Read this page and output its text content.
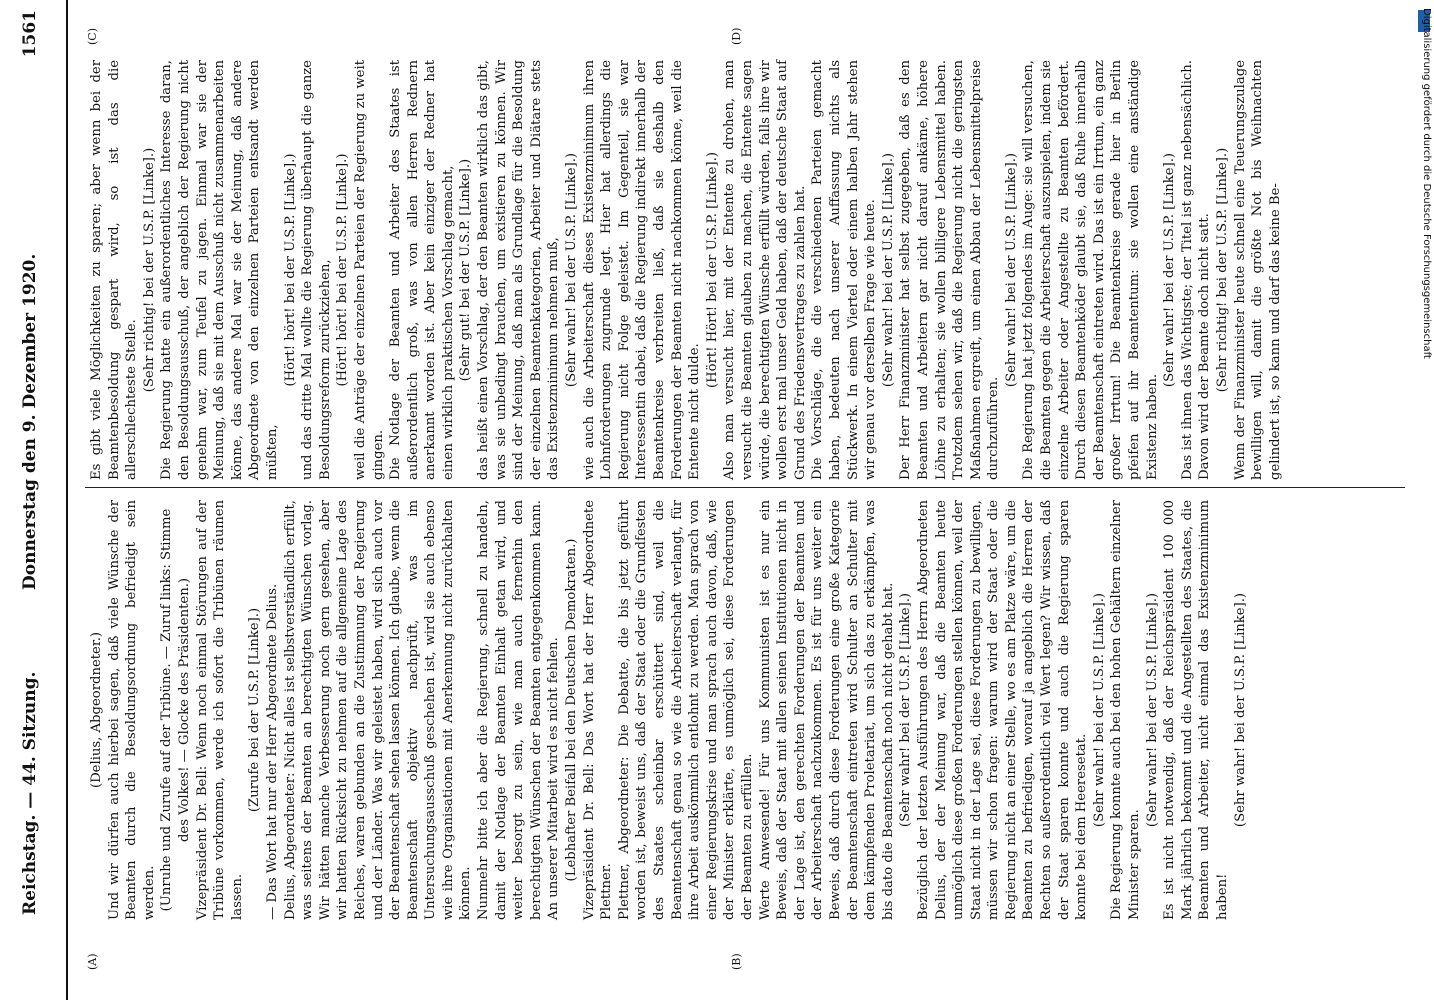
Reichstag. — 44. Sitzung.
Donnerstag den 9. Dezember 1920.
1561
(A)	(B)
(C)	(D)

(Delius, Abgeordneter.) Und wir dürfen auch hierbei sagen, daß viele Wünsche der Beamten durch die Besoldungsordnung befriedigt sein werden. (Unruhe und Zurufe auf der Tribüne. — Zuruf links: Stimme des Volkes! — Glocke des Präsidenten.) Vizepräsident Dr. Bell: Wenn noch einmal Störungen auf der Tribüne vorkommen, werde ich sofort die Tribünen räumen lassen.

(Zurufe bei der U.S.P. [Linke].) — Das Wort hat nur der Herr Abgeordnete Delius. Delius, Abgeordneter: Nicht alles ist selbstverständlich erfüllt, was seitens der Beamten an berechtigten Wünschen vorlag. Wir hätten manche Verbesserung noch gern gesehen, aber wir hatten Rücksicht zu nehmen auf die allgemeine Lage des Reiches, waren gebunden an die Zustimmung der Regierung und der Länder. Was wir geleistet haben, wird sich auch vor der Beamtenschaft sehen lassen können. Ich glaube, wenn die Beamtenschaft objektiv nachprüft, was im Untersuchungsausschuß geschehen ist, wird sie auch ebenso wie ihre Organisationen mit Anerkennung nicht zurückhalten können. Nunmehr bitte ich aber die Regierung, schnell zu handeln, damit der Notlage der Beamten Einhalt getan wird, und weiter besorgt zu sein, wie man auch fernerhin den berechtigten Wünschen der Beamten entgegenkommen kann. An unserer Mitarbeit wird es nicht fehlen. (Lebhafter Beifall bei den Deutschen Demokraten.) Vizepräsident Dr. Bell: Das Wort hat der Herr Abgeordnete Plettner. Plettner, Abgeordneter: Die Debatte, die bis jetzt geführt worden ist, beweist uns, daß der Staat oder die Grundfesten des Staates scheinbar erschüttert sind, weil die Beamtenschaft genau so wie die Arbeiterschaft verlangt, für ihre Arbeit auskömmlich entlohnt zu werden. Man sprach von einer Regierungskrise und man sprach auch davon, daß, wie der Minister erklärte, es unmöglich sei, diese Forderungen der Beamten zu erfüllen. Werte Anwesende! Für uns Kommunisten ist es nur ein Beweis, daß der Staat mit allen seinen Institutionen nicht in der Lage ist, den gerechten Forderungen der Beamten und der Arbeiterschaft nachzukommen. Es ist für uns weiter ein Beweis, daß durch diese Forderungen eine große Kategorie der Beamtenschaft eintreten wird Schulter an Schulter mit dem kämpfenden Proletariat, um sich das zu erkämpfen, was bis dato die Beamtenschaft noch nicht gehabt hat. (Sehr wahr! bei der U.S.P. [Linke].) Bezüglich der letzten Ausführungen des Herrn Abgeordneten Delius, der der Meinung war, daß die Beamten heute unmöglich diese großen Forderungen stellen können, weil der Staat nicht in der Lage sei, diese Forderungen zu bewilligen, müssen wir schon fragen: warum wird der Staat oder die Regierung nicht an einer Stelle, wo es am Platze wäre, um die Beamten zu befriedigen, worauf ja angeblich die Herren der Rechten so außerordentlich viel Wert legen? Wir wissen, daß der Staat sparen konnte und auch die Regierung sparen konnte bei dem Heeresetat. (Sehr wahr! bei der U.S.P. [Linke].) Die Regierung konnte auch bei den hohen Gehältern einzelner Minister sparen.

(Sehr wahr! bei der U.S.P. [Linke].) Es ist nicht notwendig, daß der Reichspräsident 100 000 Mark jährlich bekommt und die Angestellten des Staates, die Beamten und Arbeiter, nicht einmal das Existenzminimum haben!

(Sehr wahr! bei der U.S.P. [Linke].)

Es gibt viele Möglichkeiten zu sparen; aber wenn bei der Beamtenbesoldung gespart wird, so ist das die allerschlechteste Stelle.

(Sehr richtig! bei der U.S.P. [Linke].) Die Regierung hatte ein außerordentliches Interesse daran, den Besoldungsausschuß, der angeblich der Regierung nicht genehm war, zum Teufel zu jagen. Einmal war sie der Meinung, daß sie mit dem Ausschuß nicht zusammenarbeiten könne, das andere Mal war sie der Meinung, daß andere Abgeordnete von den einzelnen Parteien entsandt werden müßten,

(Hört! hört! bei der U.S.P. [Linke].) und das dritte Mal wollte die Regierung überhaupt die ganze Besoldungsreform zurückziehen, (Hört! hört! bei der U.S.P. [Linke].) weil die Anträge der einzelnen Parteien der Regierung zu weit gingen. Die Notlage der Beamten und Arbeiter des Staates ist außerordentlich groß, was von allen Herren Rednern anerkannt worden ist. Aber kein einziger der Redner hat einen wirklich praktischen Vorschlag gemacht, (Sehr gut! bei der U.S.P. [Linke].) das heißt einen Vorschlag, der den Beamten wirklich das gibt, was sie unbedingt brauchen, um existieren zu können. Wir sind der Meinung, daß man als Grundlage für die Besoldung der einzelnen Beamtenkategorien, Arbeiter und Diätare stets das Existenzminimum nehmen muß, (Sehr wahr! bei der U.S.P. [Linke].) wie auch die Arbeiterschaft dieses Existenzminimum ihren Lohnforderungen zugrunde legt. Hier hat allerdings die Regierung nicht Folge geleistet. Im Gegenteil, sie war Interessentin dabei, daß die Regierung indirekt innerhalb der Beamtenkreise verbreiten ließ, daß sie deshalb den Forderungen der Beamten nicht nachkommen könne, weil die Entente nicht dulde.

(Hört! Hört! bei der U.S.P. [Linke].) Also man versucht hier, mit der Entente zu drohen, man versucht die Beamten glauben zu machen, die Entente sagen würde, die berechtigten Wünsche erfüllt würden, falls ihre wir wollen erst mal unser Geld haben, daß der deutsche Staat auf Grund des Friedensvertrages zu zahlen hat. Die Vorschläge, die die verschiedenen Parteien gemacht haben, bedeuten nach unserer Auffassung nichts als Stückwerk. In einem Viertel oder einem halben Jahr stehen wir genau vor derselben Frage wie heute. (Sehr wahr! bei der U.S.P. [Linke].) Der Herr Finanzminister hat selbst zugegeben, daß es den Beamten und Arbeitern gar nicht darauf ankäme, höhere Löhne zu erhalten; sie wollen billigere Lebensmittel haben. Trotzdem sehen wir, daß die Regierung nicht die geringsten Maßnahmen ergreift, um einen Abbau der Lebensmittelpreise durchzuführen.

(Sehr wahr! bei der U.S.P. [Linke].) Die Regierung hat jetzt folgendes im Auge: sie will versuchen, die Beamten gegen die Arbeiterschaft auszuspielen, indem sie einzelne Arbeiter oder Angestellte zu Beamten befördert. Durch diesen Beamtenköder glaubt sie, daß Ruhe innerhalb der Beamtenschaft eintreten wird. Das ist ein Irrtum, ein ganz großer Irrtum! Die Beamtenkreise gerade hier in Berlin pfeifen auf ihr Beamtentum: sie wollen eine anständige Existenz haben.

(Sehr wahr! bei der U.S.P. [Linke].) Das ist ihnen das Wichtigste; der Titel ist ganz nebensächlich. Davon wird der Beamte doch nicht satt. (Sehr richtig! bei der U.S.P. [Linke].) Wenn der Finanzminister heute schnell eine Teuerungszulage bewilligen will, damit die größte Not bis Weihnachten gelindert ist, so kann und darf das keine Be-	Digitalisierung gefördert durch die Deutsche Forschungsgemeinschaft
